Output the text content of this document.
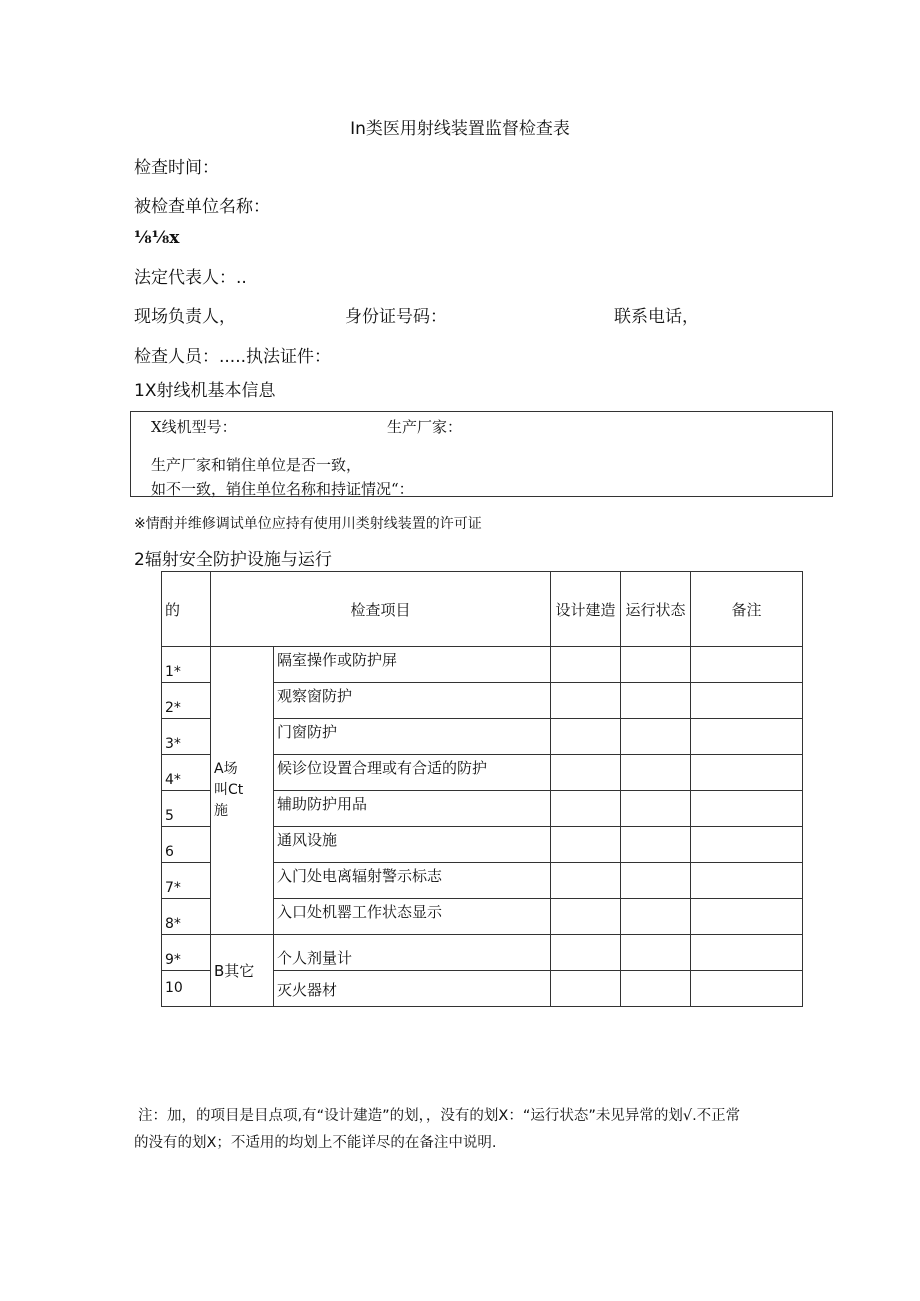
In类医用射线装置监督检查表
检查时间：
被检查单位名称：
⅛⅛x
法定代表人：..
现场负责人，	身份证号码：	联系电话，
检查人员：.....执法证件：
1X射线机基本信息
X线机型号：	生产厂家：
生产厂家和销住单位是否一致，
如不一致，销住单位名称和持证情况“：
※情酎并维修调试单位应持有使用川类射线装置的许可证
2辐射安全防护设施与运行
的	检查项目		设计建造	运行状态	备注
1*	A场
叫Ct
施	隔室操作或防护屏			
2*		观察窗防护			
3*		门窗防护			
4*		候诊位设置合理或有合适的防护			
5		辅助防护用品			
6		通风设施			
7*		入门处电离辐射警示标志			
8*		入口处机罂工作状态显示			
9*	B其它	个人剂量计			
10		灭火器材			
注：加，的项目是目点项,有“设计建造”的划，，没有的划X：“运行状态”未见异常的划√.不正常
的没有的划X；不适用的均划上不能详尽的在备注中说明.
